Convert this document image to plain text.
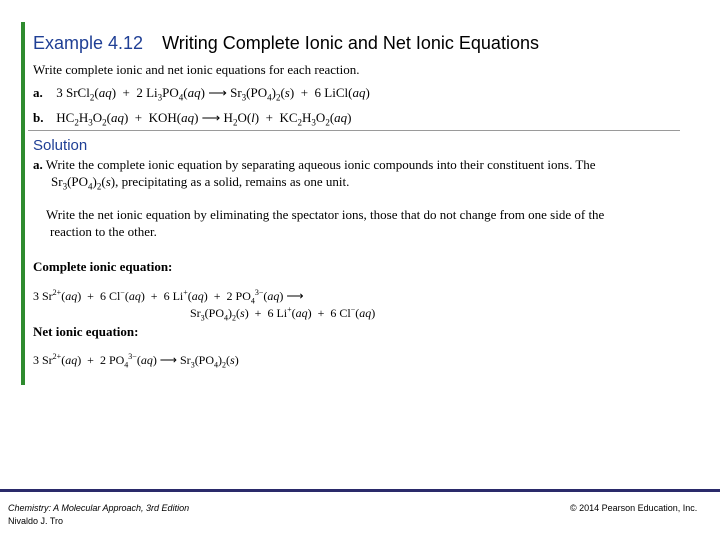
Example 4.12 Writing Complete Ionic and Net Ionic Equations
Write complete ionic and net ionic equations for each reaction.
a. 3 SrCl$_2$(aq)  +  2 $Li_3PO_4(aq)$ ⟶ $Sr_3(PO_4)_2(s) + 6$ LiCl(aq)
b. $HC_2H_3O_2(aq) + KOH(aq)$ ⟶ $H_2O(l) + KC_2H_3O_2(aq)$
Solution
a. Write the complete ionic equation by separating aqueous ionic compounds into their constituent ions. The
$Sr_3(PO_4)_2(s)$, precipitating as a solid, remains as one unit.
Write the net ionic equation by eliminating the spectator ions, those that do not change from one side of the
reaction to the other.
Complete ionic equation:
3 $Sr^{2+}(aq) + 6$ Cl−(aq)  +  6 Li+(aq)  +  2 $PO_4^{3-}(aq)$ ⟶
$Sr_3(PO_4)_2(s) + 6$ Li+(aq)  +  6 Cl−(aq)
Net ionic equation:
3 $Sr^{2+}(aq) + 2$ $PO_4^{3-}(aq)$ ⟶ $Sr_3(PO_4)_2(s)$
Chemistry: A Molecular Approach, 3rd Edition
Nivaldo J. Tro
© 2014 Pearson Education, Inc.
